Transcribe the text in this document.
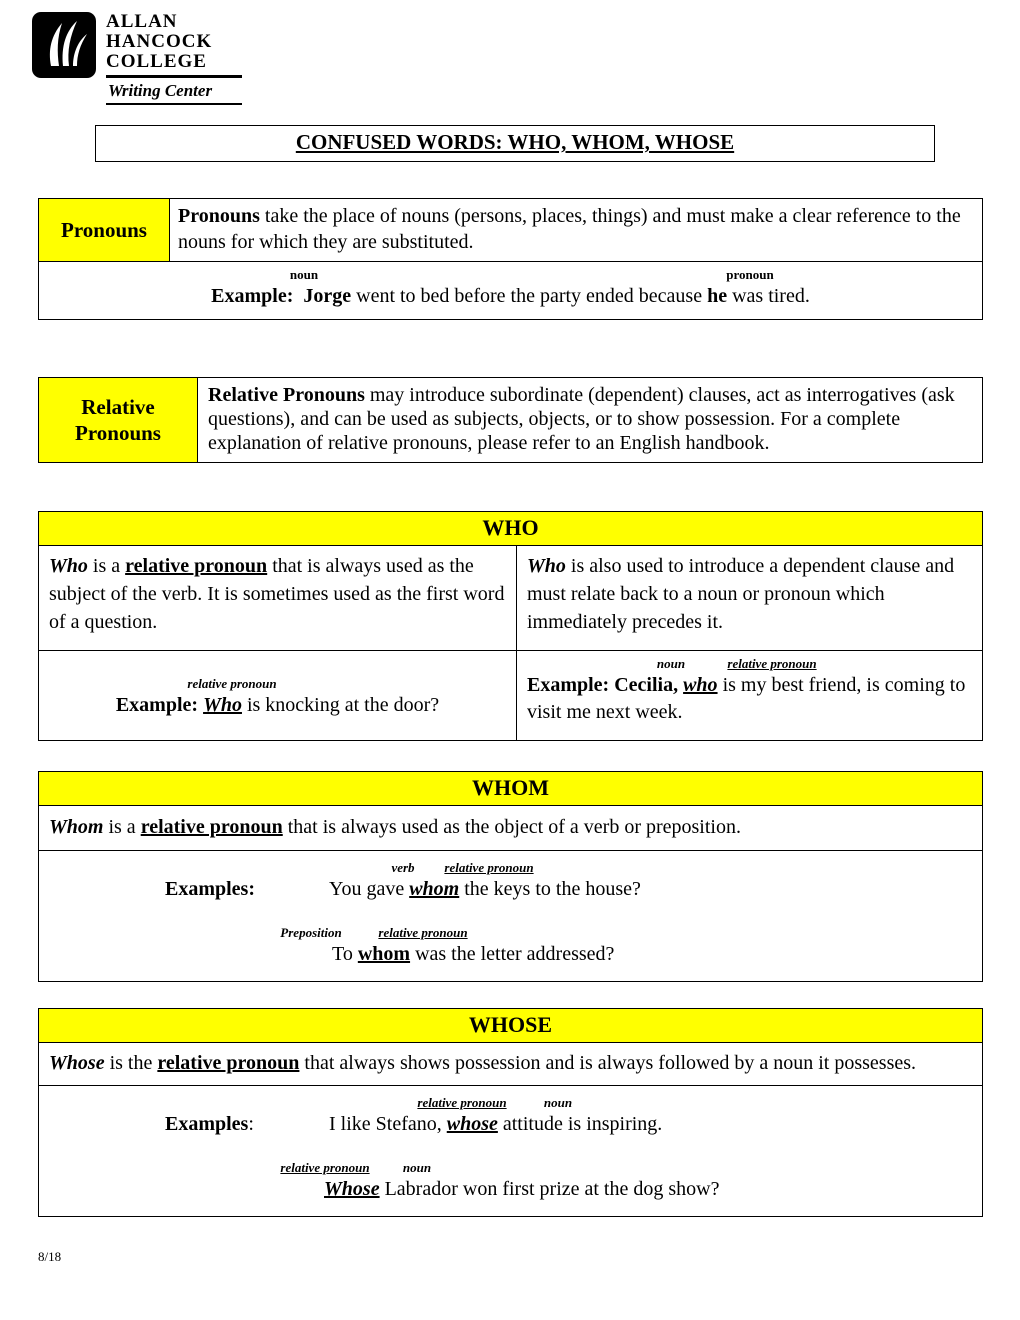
ALLAN
HANCOCK
COLLEGE
Writing Center
CONFUSED WORDS: WHO, WHOM, WHOSE
Pronouns
Pronouns take the place of nouns (persons, places, things) and must make a clear reference to the nouns for which they are substituted.
noun	pronoun
Example:  Jorge went to bed before the party ended because he was tired.
Relative Pronouns
Relative Pronouns may introduce subordinate (dependent) clauses, act as interrogatives (ask questions), and can be used as subjects, objects, or to show possession. For a complete explanation of relative pronouns, please refer to an English handbook.
WHO
Who is a relative pronoun that is always used as the subject of the verb. It is sometimes used as the first word of a question.
Who is also used to introduce a dependent clause and must relate back to a noun or pronoun which immediately precedes it.
relative pronoun
Example: Who is knocking at the door?
noun	relative pronoun
Example: Cecilia, who is my best friend, is coming to visit me next week.
WHOM
Whom is a relative pronoun that is always used as the object of a verb or preposition.
verb relative pronoun
Examples:	You gave whom the keys to the house?
Preposition	relative pronoun
To whom was the letter addressed?
WHOSE
Whose is the relative pronoun that always shows possession and is always followed by a noun it possesses.
relative pronoun	noun
Examples:	I like Stefano, whose attitude is inspiring.
relative pronoun	noun
Whose Labrador won first prize at the dog show?
8/18
